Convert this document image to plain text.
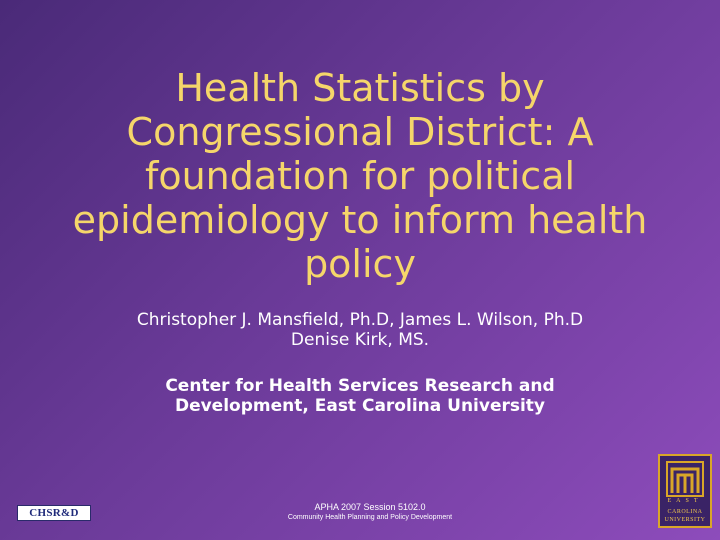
Health Statistics by Congressional District: A foundation for political epidemiology to inform health policy
Christopher J. Mansfield, Ph.D, James L. Wilson, Ph.D
Denise Kirk, MS.
Center for Health Services Research and
Development, East Carolina University
CHSR&D	APHA 2007 Session 5102.0
Community Health Planning and Policy Development
EAST
CAROLINA
UNIVERSITY
